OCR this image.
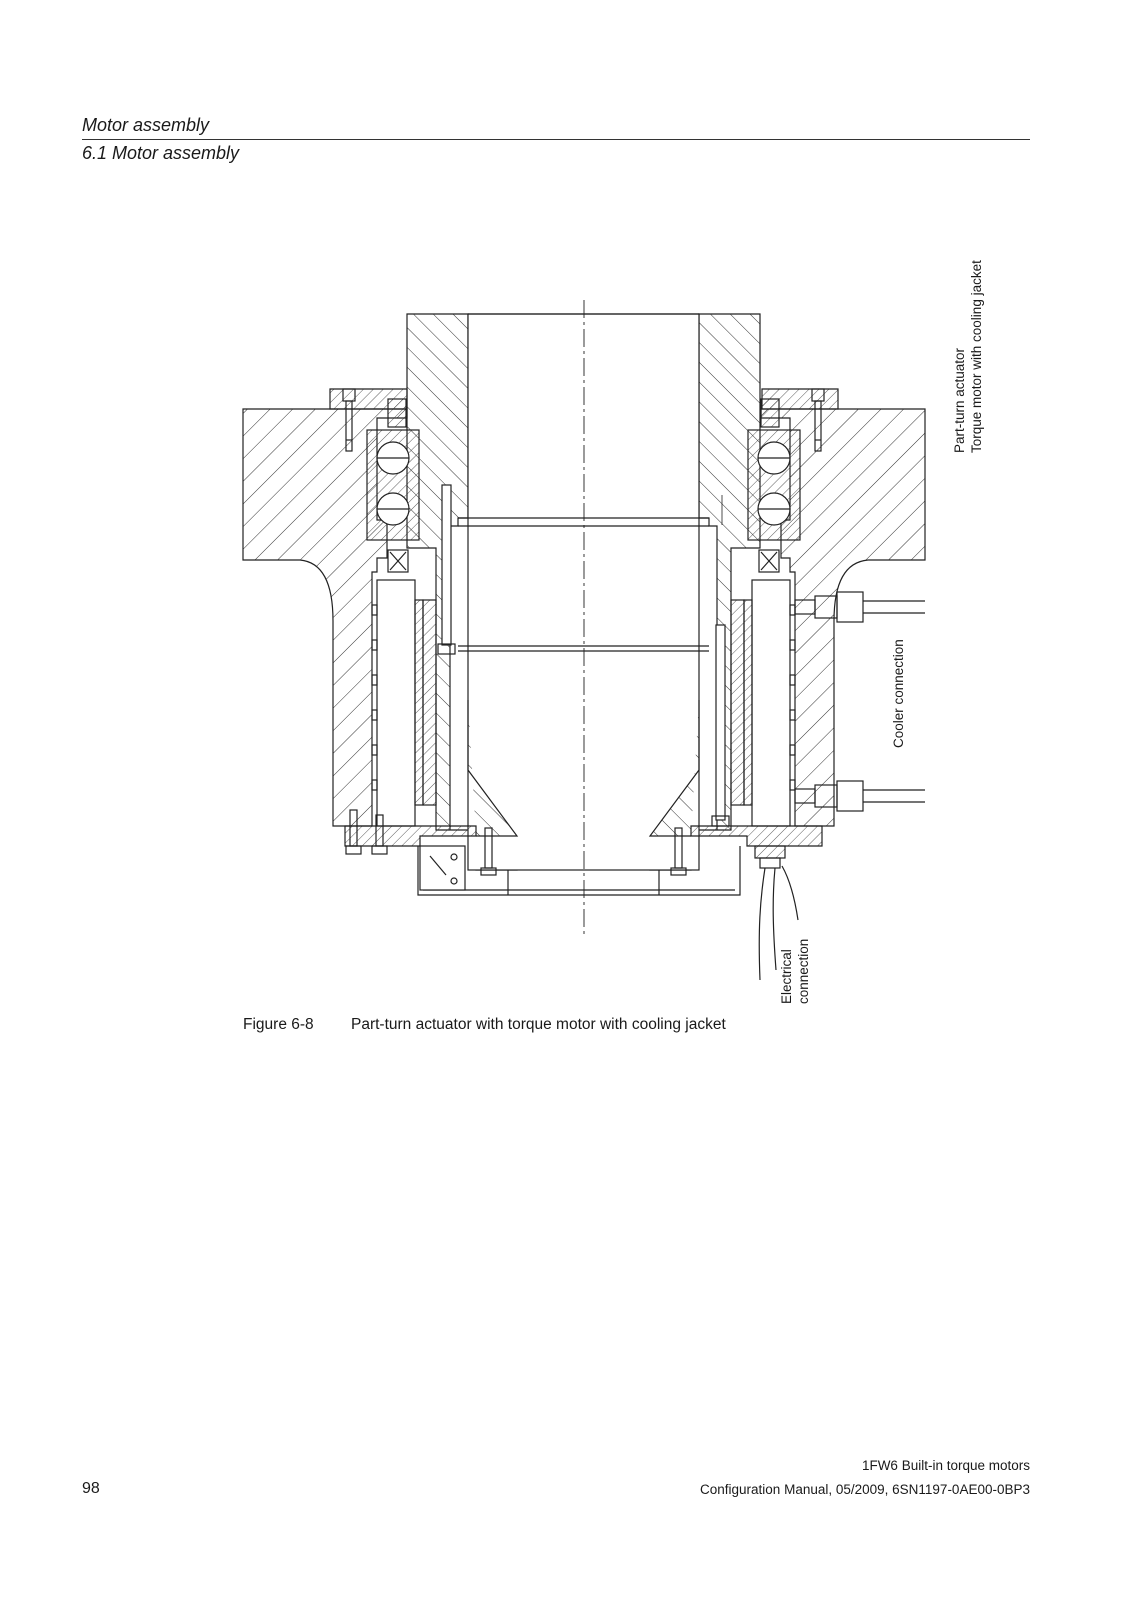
Motor assembly
6.1 Motor assembly
Part-turn actuator Torque motor with cooling jacket
Cooler connection
Electrical connection
Figure 6-8 Part-turn actuator with torque motor with cooling jacket
98
1FW6 Built-in torque motors
Configuration Manual, 05/2009, 6SN1197-0AE00-0BP3
